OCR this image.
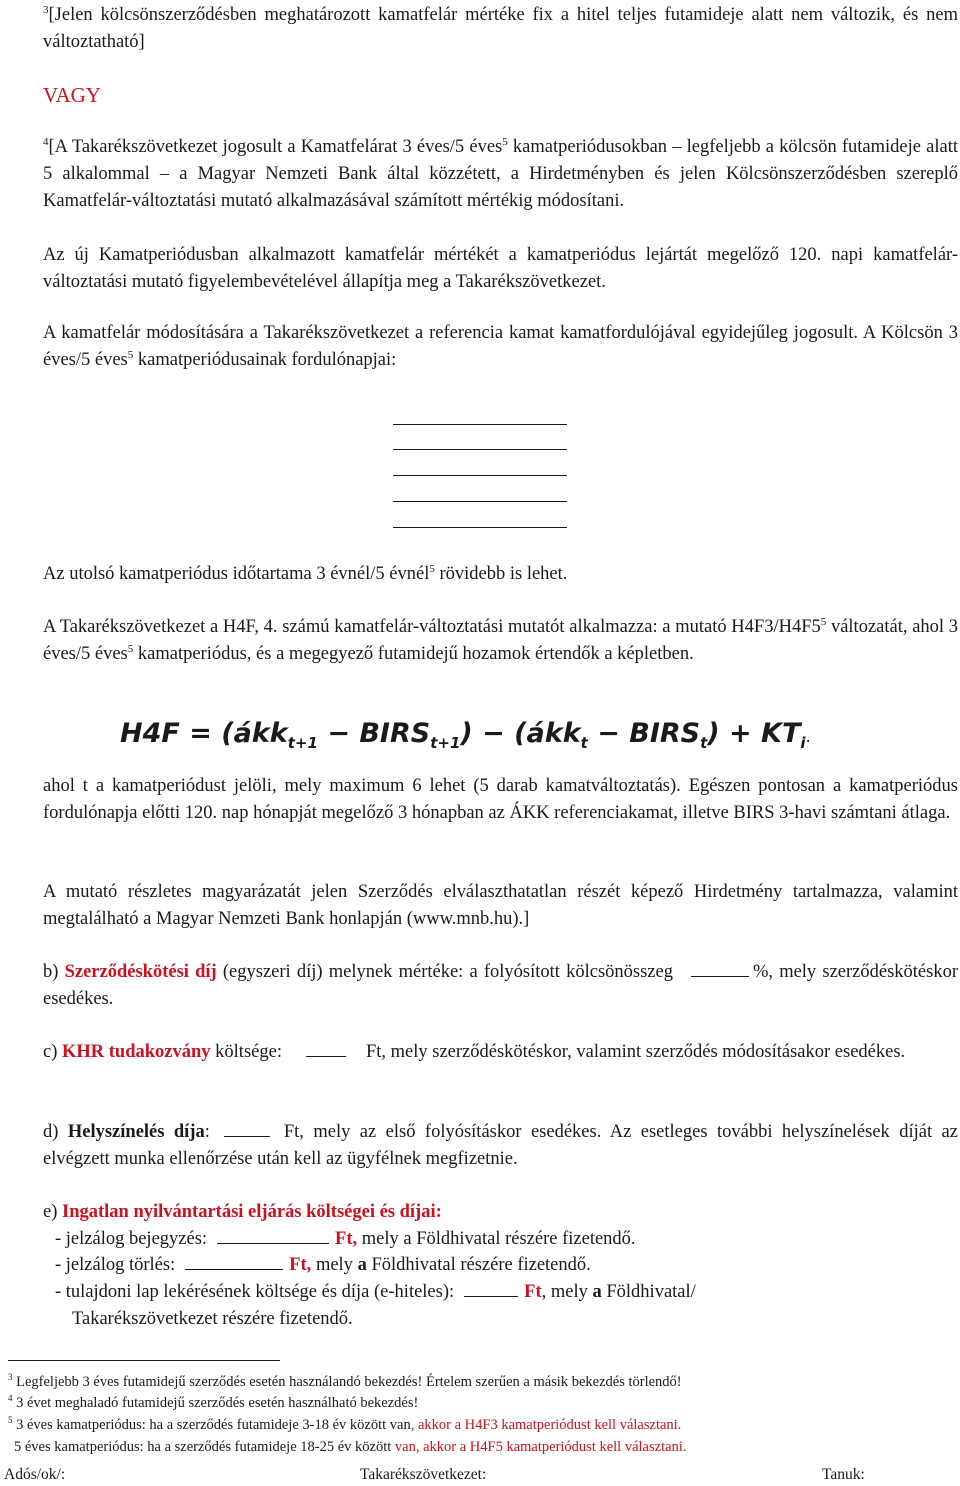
$^3$[Jelen kölcsönszerződésben meghatározott kamatfelár mértéke fix a hitel teljes futamideje alatt nem változik, és nem változtatható]

VAGY

$^4$[A Takarékszövetkezet jogosult a Kamatfelárat 3 éves/5 éves$^5$ kamatperiódusokban – legfeljebb a kölcsön futamideje alatt 5 alkalommal – a Magyar Nemzeti Bank által közzétett, a Hirdetményben és jelen Kölcsönszerződésben szereplő Kamatfelár-változtatási mutató alkalmazásával számított mértékig módosítani.

Az új Kamatperiódusban alkalmazott kamatfelár mértékét a kamatperiódus lejártát megelőző 120. napi kamatfelár-változtatási mutató figyelembevételével állapítja meg a Takarékszövetkezet.

A kamatfelár módosítására a Takarékszövetkezet a referencia kamat kamatfordulójával egyidejűleg jogosult. A Kölcsön 3 éves/5 éves$^5$ kamatperiódusainak fordulónapjai:

Az utolsó kamatperiódus időtartama 3 évnél/5 évnél$^5$ rövidebb is lehet.

A Takarékszövetkezet a H4F, 4. számú kamatfelár-változtatási mutatót alkalmazza: a mutató $H4F3/H4F5^5$ változatát, ahol 3 éves/5 éves$^5$ kamatperiódus, és a megegyező futamidejű hozamok értendők a képletben.

H4F = (ákk$_{t+1}$ − $BIRS_{t+1}$) − (ákk$_t$ − $BIRS_t) + KT_i$.

ahol t a kamatperiódust jelöli, mely maximum 6 lehet (5 darab kamatváltoztatás). Egészen pontosan a kamatperiódus fordulónapja előtti 120. nap hónapját megelőző 3 hónapban az ÁKK referenciakamat, illetve BIRS 3-havi számtani átlaga.

A mutató részletes magyarázatát jelen Szerződés elválaszthatatlan részét képező Hirdetmény tartalmazza, valamint megtalálható a Magyar Nemzeti Bank honlapján (www.mnb.hu).]

b) Szerződéskötési díj (egyszeri díj) melynek mértéke: a folyósított kölcsönösszeg	%, mely szerződéskötéskor esedékes.

c) KHR tudakozvány költsége:	Ft, mely szerződéskötéskor, valamint szerződés módosításakor esedékes.

d) Helyszínelés díja:	Ft, mely az első folyósításkor esedékes. Az esetleges további helyszínelések díját az elvégzett munka ellenőrzése után kell az ügyfélnek megfizetnie.

e) Ingatlan nyilvántartási eljárás költségei és díjai:

- jelzálog bejegyzés:	Ft, mely a Földhivatal részére fizetendő.

- jelzálog törlés:	Ft, mely a Földhivatal részére fizetendő.

- tulajdoni lap lekérésének költsége és díja (e-hiteles):	Ft, mely a Földhivatal/

Takarékszövetkezet részére fizetendő.

$^3$ Legfeljebb 3 éves futamidejű szerződés esetén használandó bekezdés! Értelem szerűen a másik bekezdés törlendő!

$^4$ 3 évet meghaladó futamidejű szerződés esetén használható bekezdés!

$^5$ 3 éves kamatperiódus: ha a szerződés futamideje 3-18 év között van, akkor a H4F3 kamatperiódust kell választani.

5 éves kamatperiódus: ha a szerződés futamideje 18-25 év között van, akkor a H4F5 kamatperiódust kell választani.

Adós/ok/:	Takarékszövetkezet:	Tanuk:
